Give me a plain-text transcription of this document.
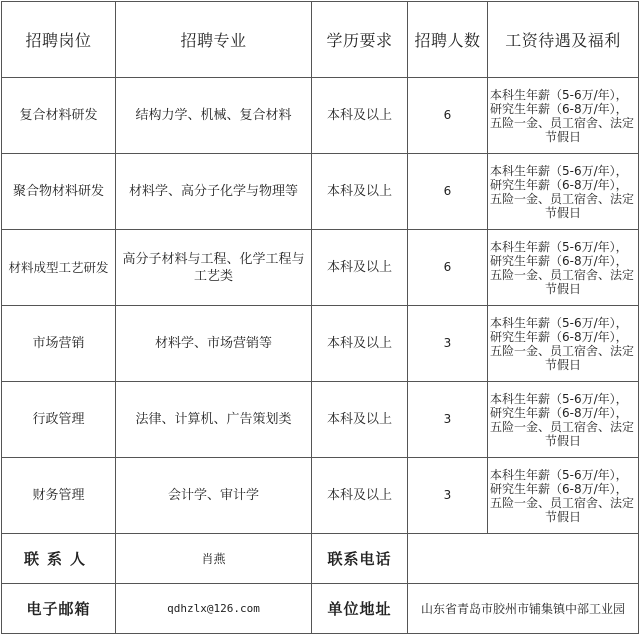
招聘岗位	招聘专业	学历要求	招聘人数	工资待遇及福利
复合材料研发	结构力学、机械、复合材料	本科及以上	6	本科生年薪（5-6万/年），
研究生年薪（6-8万/年），
五险一金、员工宿舍、法定
节假日

聚合物材料研发	材料学、高分子化学与物理等	本科及以上	6	本科生年薪（5-6万/年），
研究生年薪（6-8万/年），
五险一金、员工宿舍、法定
节假日

材料成型工艺研发	高分子材料与工程、化学工程与工艺类	本科及以上	6	本科生年薪（5-6万/年），
研究生年薪（6-8万/年），
五险一金、员工宿舍、法定
节假日

市场营销	材料学、市场营销等	本科及以上	3	本科生年薪（5-6万/年），
研究生年薪（6-8万/年），
五险一金、员工宿舍、法定
节假日

行政管理	法律、计算机、广告策划类	本科及以上	3	本科生年薪（5-6万/年），
研究生年薪（6-8万/年），
五险一金、员工宿舍、法定
节假日

财务管理	会计学、审计学	本科及以上	3	本科生年薪（5-6万/年），
研究生年薪（6-8万/年），
五险一金、员工宿舍、法定
节假日

联系人	肖燕	联系电话		
电子邮箱	qdhzlx@126.com	单位地址	山东省青岛市胶州市铺集镇中部工业园	
